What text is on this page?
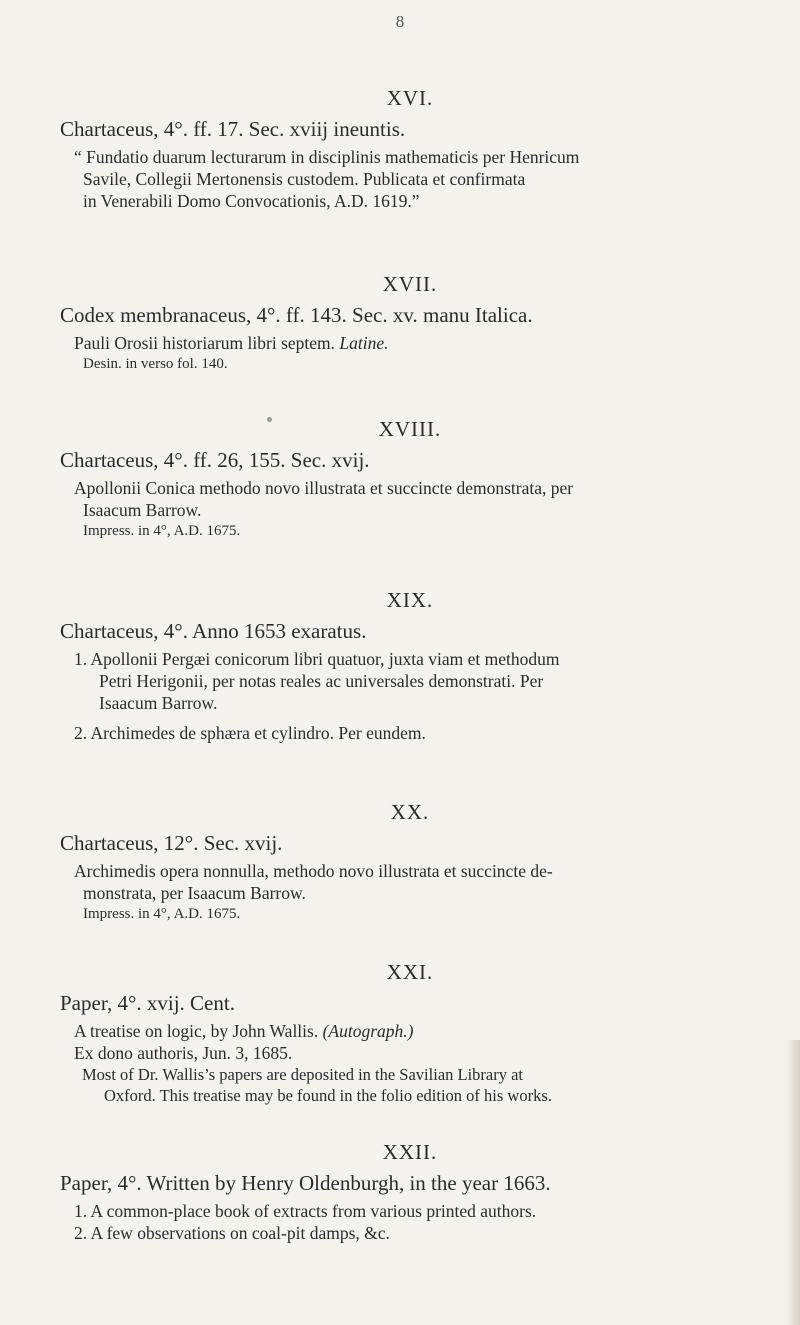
8
XVI.
Chartaceus, 4°. ff. 17. Sec. xviij ineuntis.

“ Fundatio duarum lecturarum in disciplinis mathematicis per Henricum

Savile, Collegii Mertonensis custodem. Publicata et confirmata

in Venerabili Domo Convocationis, A.D. 1619.”

XVII.
Codex membranaceus, 4°. ff. 143. Sec. xv. manu Italica.

Pauli Orosii historiarum libri septem. Latine.

Desin. in verso fol. 140.

XVIII.
Chartaceus, 4°. ff. 26, 155. Sec. xvij.

Apollonii Conica methodo novo illustrata et succincte demonstrata, per

Isaacum Barrow.

Impress. in 4°, A.D. 1675.

XIX.
Chartaceus, 4°. Anno 1653 exaratus.

1. Apollonii Pergæi conicorum libri quatuor, juxta viam et methodum

Petri Herigonii, per notas reales ac universales demonstrati. Per

Isaacum Barrow.

2. Archimedes de sphæra et cylindro. Per eundem.

XX.
Chartaceus, 12°. Sec. xvij.

Archimedis opera nonnulla, methodo novo illustrata et succincte de-

monstrata, per Isaacum Barrow.

Impress. in 4°, A.D. 1675.

XXI.
Paper, 4°. xvij. Cent.

A treatise on logic, by John Wallis. (Autograph.)

Ex dono authoris, Jun. 3, 1685.

Most of Dr. Wallis’s papers are deposited in the Savilian Library at

Oxford. This treatise may be found in the folio edition of his works.

XXII.
Paper, 4°. Written by Henry Oldenburgh, in the year 1663.

1. A common-place book of extracts from various printed authors.

2. A few observations on coal-pit damps, &c.
